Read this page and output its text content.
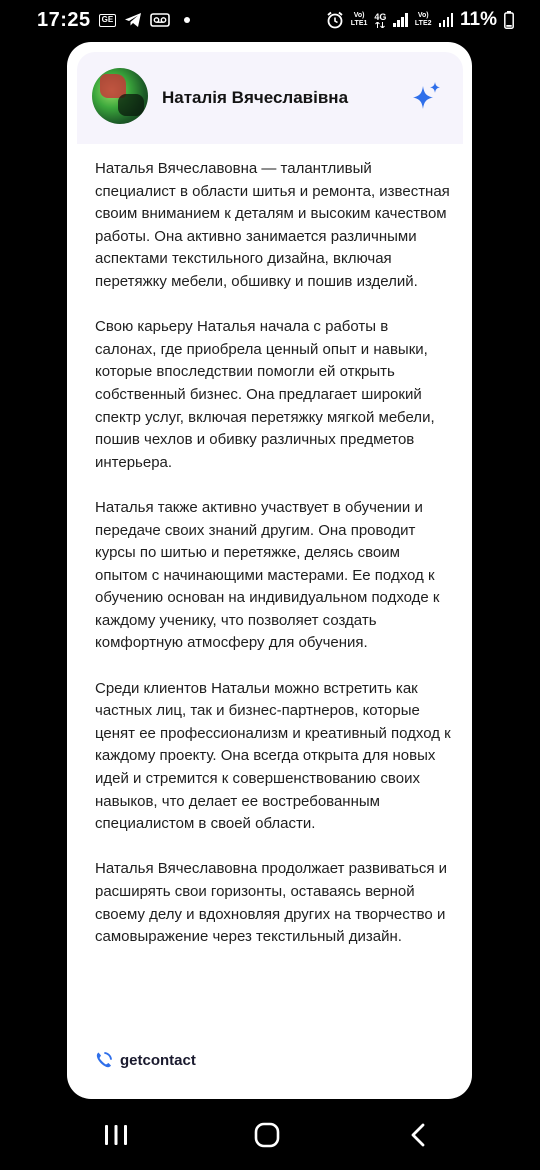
17:25	GE	Vo)
LTE1
4G	Vo)
LTE2 11%
Наталія Вячеславівна

Наталья Вячеславовна — талантливый специалист в области шитья и ремонта, известная своим вниманием к деталям и высоким качеством работы. Она активно занимается различными аспектами текстильного дизайна, включая перетяжку мебели, обшивку и пошив изделий.

Свою карьеру Наталья начала с работы в салонах, где приобрела ценный опыт и навыки, которые впоследствии помогли ей открыть собственный бизнес. Она предлагает широкий спектр услуг, включая перетяжку мягкой мебели, пошив чехлов и обивку различных предметов интерьера.

Наталья также активно участвует в обучении и передаче своих знаний другим. Она проводит курсы по шитью и перетяжке, делясь своим опытом с начинающими мастерами. Ее подход к обучению основан на индивидуальном подходе к каждому ученику, что позволяет создать комфортную атмосферу для обучения.

Среди клиентов Натальи можно встретить как частных лиц, так и бизнес-партнеров, которые ценят ее профессионализм и креативный подход к каждому проекту. Она всегда открыта для новых идей и стремится к совершенствованию своих навыков, что делает ее востребованным специалистом в своей области.

Наталья Вячеславовна продолжает развиваться и расширять свои горизонты, оставаясь верной своему делу и вдохновляя других на творчество и самовыражение через текстильный дизайн.

getcontact
